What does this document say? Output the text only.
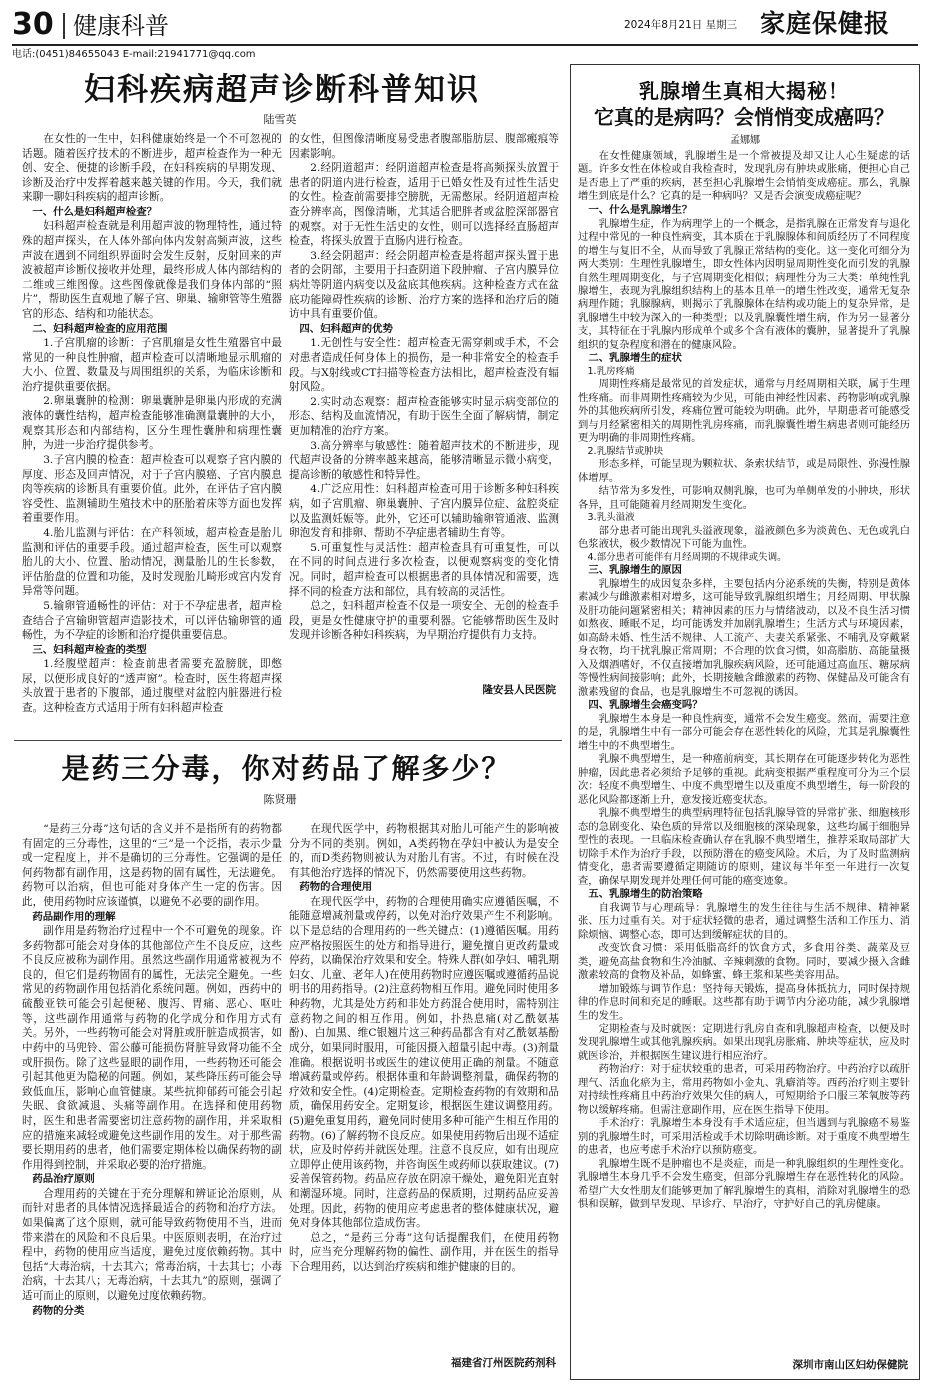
30 健康科普	2024年8月21日 星期三 家庭保健报
电话:(0451)84655043 E-mail:21941771@qq.com
妇科疾病超声诊断科普知识
陆雪英

在女性的一生中，妇科健康始终是一个不可忽视的话题。随着医疗技术的不断进步，超声检查作为一种无创、安全、便捷的诊断手段，在妇科疾病的早期发现、诊断及治疗中发挥着越来越关键的作用。今天，我们就来聊一聊妇科疾病的超声诊断。

一、什么是妇科超声检查？

妇科超声检查就是利用超声波的物理特性，通过特殊的超声探头，在人体外部向体内发射高频声波，这些声波在遇到不同组织界面时会发生反射，反射回来的声波被超声诊断仪接收并处理，最终形成人体内部结构的二维或三维图像。这些图像就像是我们身体内部的“照片”，帮助医生直观地了解子宫、卵巢、输卵管等生殖器官的形态、结构和功能状态。

二、妇科超声检查的应用范围

1.子宫肌瘤的诊断：子宫肌瘤是女性生殖器官中最常见的一种良性肿瘤，超声检查可以清晰地显示肌瘤的大小、位置、数量及与周围组织的关系，为临床诊断和治疗提供重要依据。

2.卵巢囊肿的检测：卵巢囊肿是卵巢内形成的充满液体的囊性结构，超声检查能够准确测量囊肿的大小，观察其形态和内部结构，区分生理性囊肿和病理性囊肿，为进一步治疗提供参考。

3.子宫内膜的检查：超声检查可以观察子宫内膜的厚度、形态及回声情况，对于子宫内膜癌、子宫内膜息肉等疾病的诊断具有重要价值。此外，在评估子宫内膜容受性、监测辅助生殖技术中的胚胎着床等方面也发挥着重要作用。

4.胎儿监测与评估：在产科领域，超声检查是胎儿监测和评估的重要手段。通过超声检查，医生可以观察胎儿的大小、位置、胎动情况，测量胎儿的生长参数，评估胎盘的位置和功能，及时发现胎儿畸形或宫内发育异常等问题。

5.输卵管通畅性的评估：对于不孕症患者，超声检查结合子宫输卵管超声造影技术，可以评估输卵管的通畅性，为不孕症的诊断和治疗提供重要信息。

三、妇科超声检查的类型

1.经腹壁超声：检查前患者需要充盈膀胱，即憋尿，以便形成良好的“透声窗”。检查时，医生将超声探头放置于患者的下腹部，通过腹壁对盆腔内脏器进行检查。这种检查方式适用于所有妇科超声检查

的女性，但图像清晰度易受患者腹部脂肪层、腹部瘢痕等因素影响。

2.经阴道超声：经阴道超声检查是将高频探头放置于患者的阴道内进行检查，适用于已婚女性及有过性生活史的女性。检查前需要排空膀胱，无需憋尿。经阴道超声检查分辨率高，图像清晰，尤其适合肥胖者或盆腔深部器官的观察。对于无性生活史的女性，则可以选择经直肠超声检查，将探头放置于直肠内进行检查。

3.经会阴超声：经会阴超声检查是将超声探头置于患者的会阴部，主要用于扫查阴道下段肿瘤、子宫内膜异位病灶等阴道内病变以及盆底其他疾病。这种检查方式在盆底功能障碍性疾病的诊断、治疗方案的选择和治疗后的随访中具有重要价值。

四、妇科超声的优势

1.无创性与安全性：超声检查无需穿刺或手术，不会对患者造成任何身体上的损伤，是一种非常安全的检查手段。与X射线或CT扫描等检查方法相比，超声检查没有辐射风险。

2.实时动态观察：超声检查能够实时显示病变部位的形态、结构及血流情况，有助于医生全面了解病情，制定更加精准的治疗方案。

3.高分辨率与敏感性：随着超声技术的不断进步，现代超声设备的分辨率越来越高，能够清晰显示微小病变，提高诊断的敏感性和特异性。

4.广泛应用性：妇科超声检查可用于诊断多种妇科疾病，如子宫肌瘤、卵巢囊肿、子宫内膜异位症、盆腔炎症以及监测妊娠等。此外，它还可以辅助输卵管通液、监测卵泡发育和排卵、帮助不孕症患者辅助生育等。

5.可重复性与灵活性：超声检查具有可重复性，可以在不同的时间点进行多次检查，以便观察病变的变化情况。同时，超声检查可以根据患者的具体情况和需要，选择不同的检查方法和部位，具有较高的灵活性。

总之，妇科超声检查不仅是一项安全、无创的检查手段，更是女性健康守护的重要利器。它能够帮助医生及时发现并诊断各种妇科疾病，为早期治疗提供有力支持。

隆安县人民医院
是药三分毒，你对药品了解多少？
陈贤珊

“是药三分毒”这句话的含义并不是指所有的药物都有固定的三分毒性，这里的“三”是一个泛指，表示少量或一定程度上，并不是确切的三分毒性。它强调的是任何药物都有副作用，这是药物的固有属性，无法避免。药物可以治病，但也可能对身体产生一定的伤害。因此，使用药物时应该谨慎，以避免不必要的副作用。

药品副作用的理解

副作用是药物治疗过程中一个不可避免的现象。许多药物都可能会对身体的其他部位产生不良反应，这些不良反应被称为副作用。虽然这些副作用通常被视为不良的，但它们是药物固有的属性，无法完全避免。一些常见的药物副作用包括消化系统问题。例如，西药中的硫酸亚铁可能会引起便秘、腹泻、胃痛、恶心、呕吐等，这些副作用通常与药物的化学成分和作用方式有关。另外，一些药物可能会对肾脏或肝脏造成损害，如中药中的马兜铃、雷公藤可能损伤肾脏导致肾功能不全或肝损伤。除了这些显眼的副作用，一些药物还可能会引起其他更为隐秘的问题。例如，某些降压药可能会导致低血压，影响心血管健康。某些抗抑郁药可能会引起失眠、食欲减退、头痛等副作用。在选择和使用药物时，医生和患者需要密切注意药物的副作用，并采取相应的措施来减轻或避免这些副作用的发生。对于那些需要长期用药的患者，他们需要定期体检以确保药物的副作用得到控制，并采取必要的治疗措施。

药品治疗原则

合理用药的关键在于充分理解和辨证论治原则，从而针对患者的具体情况选择最适合的药物和治疗方法。如果偏离了这个原则，就可能导致药物使用不当，进而带来潜在的风险和不良后果。中医原则表明，在治疗过程中，药物的使用应当适度，避免过度依赖药物。其中包括“大毒治病，十去其六；常毒治病，十去其七；小毒治病，十去其八；无毒治病，十去其九”的原则，强调了适可而止的原则，以避免过度依赖药物。

药物的分类

在现代医学中，药物根据其对胎儿可能产生的影响被分为不同的类别。例如，A类药物在孕妇中被认为是安全的，而D类药物则被认为对胎儿有害。不过，有时候在没有其他治疗选择的情况下，仍然需要使用这些药物。

药物的合理使用

在现代医学中，药物的合理使用确实应遵循医嘱，不能随意增减剂量或停药，以免对治疗效果产生不利影响。以下是总结的合理用药的一些关键点：(1)遵循医嘱。用药应严格按照医生的处方和指导进行，避免擅自更改药量或停药，以确保治疗效果和安全。特殊人群(如孕妇、哺乳期妇女、儿童、老年人)在使用药物时应遵医嘱或遵循药品说明书的用药指导。(2)注意药物相互作用。避免同时使用多种药物，尤其是处方药和非处方药混合使用时，需特别注意药物之间的相互作用。例如，扑热息痛(对乙酰氨基酚)、白加黑、维C银翘片这三种药品都含有对乙酰氨基酚成分，如果同时服用，可能因摄入超量引起中毒。(3)剂量准确。根据说明书或医生的建议使用正确的剂量。不随意增减药量或停药。根据体重和年龄调整剂量，确保药物的疗效和安全性。(4)定期检查。定期检查药物的有效期和品质，确保用药安全。定期复诊，根据医生建议调整用药。(5)避免重复用药，避免同时使用多种可能产生相互作用的药物。(6)了解药物不良反应。如果使用药物后出现不适症状，应及时停药并就医处理。注意不良反应，如有出现应立即停止使用该药物，并咨询医生或药师以获取建议。(7)妥善保管药物。药品应存放在阴凉干燥处，避免阳光直射和潮湿环境。同时，注意药品的保质期，过期药品应妥善处理。因此，药物的使用应考虑患者的整体健康状况，避免对身体其他部位造成伤害。

总之，“是药三分毒”这句话提醒我们，在使用药物时，应当充分理解药物的偏性、副作用，并在医生的指导下合理用药，以达到治疗疾病和维护健康的目的。

福建省汀州医院药剂科
乳腺增生真相大揭秘！
它真的是病吗？会悄悄变成癌吗？
孟娜娜

在女性健康领域，乳腺增生是一个常被提及却又让人心生疑虑的话题。许多女性在体检或自我检查时，发现乳房有肿块或胀痛，便担心自己是否患上了严重的疾病，甚至担心乳腺增生会悄悄变成癌症。那么，乳腺增生到底是什么？它真的是一种病吗？又是否会演变成癌症呢？

一、什么是乳腺增生？

乳腺增生症，作为病理学上的一个概念，是指乳腺在正常发育与退化过程中常见的一种良性病变，其本质在于乳腺腺体和间质经历了不同程度的增生与复旧不全，从而导致了乳腺正常结构的变化。这一变化可细分为两大类别：生理性乳腺增生，即女性体内因明显周期性变化而引发的乳腺自然生理周期变化，与子宫周期变化相似；病理性分为三大类：单纯性乳腺增生，表现为乳腺组织结构上的基本且单一的增生性改变，通常无复杂病理作随；乳腺腺病，则揭示了乳腺腺体在结构或功能上的复杂异常，是乳腺增生中较为深入的一种类型；以及乳腺囊性增生病，作为另一显著分支，其特征在于乳腺内形成单个或多个含有液体的囊肿，显著提升了乳腺组织的复杂程度和潜在的健康风险。

二、乳腺增生的症状

1.乳房疼痛

周期性疼痛是最常见的首发症状，通常与月经周期相关联，属于生理性疼痛。而非周期性疼痛较为少见，可能由神经性因素、药物影响或乳腺外的其他疾病所引发，疼痛位置可能较为明确。此外，早期患者可能感受到与月经紧密相关的周期性乳房疼痛，而乳腺囊性增生病患者则可能经历更为明确的非周期性疼痛。

2.乳腺结节或肿块

形态多样，可能呈现为颗粒状、条索状结节，或是局限性、弥漫性腺体增厚。

结节常为多发性，可影响双侧乳腺，也可为单侧单发的小肿块，形状各异，且可能随着月经周期发生变化。

3.乳头溢液

部分患者可能出现乳头溢液现象，溢液颜色多为淡黄色、无色或乳白色浆液状，极少数情况下可能为血性。

4.部分患者可能伴有月经周期的不规律或失调。

三、乳腺增生的原因

乳腺增生的成因复杂多样，主要包括内分泌系统的失衡，特别是黄体素减少与雌激素相对增多，这可能导致乳腺组织增生；月经周期、甲状腺及肝功能问题紧密相关；精神因素的压力与情绪波动，以及不良生活习惯如熬夜、睡眠不足，均可能诱发并加剧乳腺增生；生活方式与环境因素，如高龄未婚、性生活不规律、人工流产、夫妻关系紧张、不哺乳及穿戴紧身衣物，均干扰乳腺正常周期；不合理的饮食习惯，如高脂肪、高能量摄入及烟酒嗜好，不仅直接增加乳腺疾病风险，还可能通过高血压、糖尿病等慢性病间接影响；此外，长期接触含雌激素的药物、保健品及可能含有激素残留的食品，也是乳腺增生不可忽视的诱因。

四、乳腺增生会癌变吗？

乳腺增生本身是一种良性病变，通常不会发生癌变。然而，需要注意的是，乳腺增生中有一部分可能会存在恶性转化的风险，尤其是乳腺囊性增生中的不典型增生。

乳腺不典型增生，是一种癌前病变，其长期存在可能逐步转化为恶性肿瘤，因此患者必须给予足够的重视。此病变根据严重程度可分为三个层次：轻度不典型增生、中度不典型增生以及重度不典型增生，每一阶段的恶化风险都逐渐上升，意发接近癌变状态。

乳腺不典型增生的典型病理特征包括乳腺导管的异常扩张、细胞核形态的急剧变化、染色质的异常以及细胞核的深染现象，这些均属于细胞异型性的表现。一旦临床检查确认存在乳腺不典型增生，推荐采取局部扩大切除手术作为治疗手段，以预防潜在的癌变风险。术后，为了及时监测病情变化，患者需要遵循定期随访的原则，建议每半年至一年进行一次复查，确保早期发现并处理任何可能的癌变迹象。

五、乳腺增生的防治策略

自我调节与心理疏导：乳腺增生的发生往往与生活不规律、精神紧张、压力过重有关。对于症状轻微的患者，通过调整生活和工作压力、消除烦恼、调整心态，即可达到缓解症状的目的。

改变饮食习惯：采用低脂高纤的饮食方式，多食用谷类、蔬菜及豆类，避免高盐食物和生冷油腻、辛辣刺激的食物。同时，要减少摄入含雌激素较高的食物及补品，如蜂蜜、蜂王浆和某些美容用品。

增加锻炼与调节作息：坚持每天锻炼，提高身体抵抗力，同时保持规律的作息时间和充足的睡眠。这些都有助于调节内分泌功能，减少乳腺增生的发生。

定期检查与及时就医：定期进行乳房自查和乳腺超声检查，以便及时发现乳腺增生或其他乳腺疾病。如果出现乳房胀痛、肿块等症状，应及时就医诊治，并根据医生建议进行相应治疗。

药物治疗：对于症状较重的患者，可采用药物治疗。中药治疗以疏肝理气、活血化瘀为主，常用药物如小金丸、乳癖消等。西药治疗则主要针对持续性疼痛且中药治疗效果欠佳的病人，可短期给予口服三苯氧胺等药物以缓解疼痛。但需注意副作用，应在医生指导下使用。

手术治疗：乳腺增生本身没有手术适应症，但当遇到与乳腺癌不易鉴别的乳腺增生时，可采用活检或手术切除明确诊断。对于重度不典型增生的患者，也应考虑手术治疗以预防癌变。

乳腺增生既不是肿瘤也不是炎症，而是一种乳腺组织的生理性变化。乳腺增生本身几乎不会发生癌变，但部分乳腺增生存在恶性转化的风险。希望广大女性朋友们能够更加了解乳腺增生的真相，消除对乳腺增生的恐惧和误解，做到早发现、早诊疗、早治疗，守护好自己的乳房健康。

深圳市南山区妇幼保健院
